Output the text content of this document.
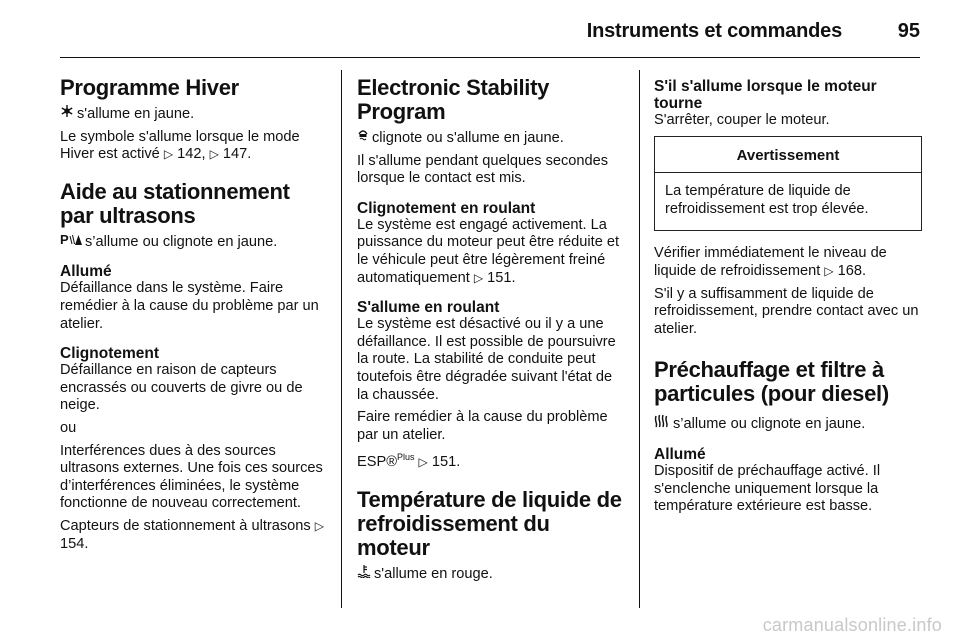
Instruments et commandes	95
Programme Hiver

s'allume en jaune.

Le symbole s'allume lorsque le mode Hiver est activé ▷ 142, ▷ 147.

Aide au stationnement par ultrasons

P s’allume ou clignote en jaune.

Allumé

Défaillance dans le système. Faire remédier à la cause du problème par un atelier.

Clignotement

Défaillance en raison de capteurs encrassés ou couverts de givre ou de neige.

ou

Interférences dues à des sources ultrasons externes. Une fois ces sources d’interférences éliminées, le système fonctionne de nouveau correctement.

Capteurs de stationnement à ultrasons ▷ 154.

Electronic Stability Program

clignote ou s'allume en jaune.

Il s'allume pendant quelques secondes lorsque le contact est mis.

Clignotement en roulant

Le système est engagé activement. La puissance du moteur peut être réduite et le véhicule peut être légèrement freiné automatiquement ▷ 151.

S'allume en roulant

Le système est désactivé ou il y a une défaillance. Il est possible de poursuivre la route. La stabilité de conduite peut toutefois être dégradée suivant l'état de la chaussée.

Faire remédier à la cause du problème par un atelier.

ESP®$^{Plus}$ ▷ 151.

Température de liquide de refroidissement du moteur

s'allume en rouge.

S'il s'allume lorsque le moteur tourne

S'arrêter, couper le moteur.

Avertissement
La température de liquide de refroidissement est trop élevée.

Vérifier immédiatement le niveau de liquide de refroidissement ▷ 168.

S'il y a suffisamment de liquide de refroidissement, prendre contact avec un atelier.

Préchauffage et filtre à particules (pour diesel)

s’allume ou clignote en jaune.

Allumé

Dispositif de préchauffage activé. Il s'enclenche uniquement lorsque la température extérieure est basse.

carmanualsonline.info
